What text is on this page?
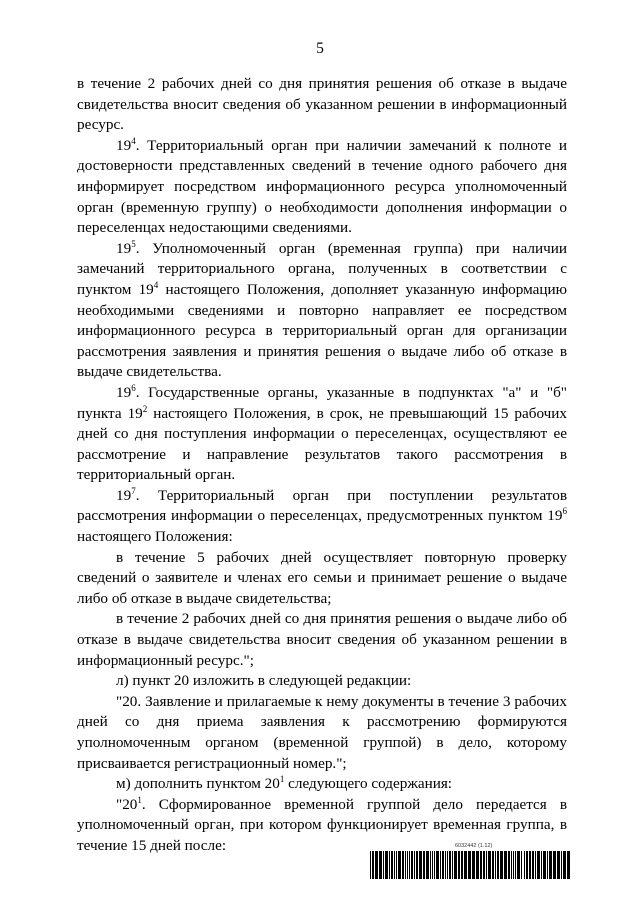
5

в течение 2 рабочих дней со дня принятия решения об отказе в выдаче свидетельства вносит сведения об указанном решении в информационный ресурс.

$19^4$. Территориальный орган при наличии замечаний к полноте и достоверности представленных сведений в течение одного рабочего дня информирует посредством информационного ресурса уполномоченный орган (временную группу) о необходимости дополнения информации о переселенцах недостающими сведениями.

$19^5$. Уполномоченный орган (временная группа) при наличии замечаний территориального органа, полученных в соответствии с пунктом $19^4$ настоящего Положения, дополняет указанную информацию необходимыми сведениями и повторно направляет ее посредством информационного ресурса в территориальный орган для организации рассмотрения заявления и принятия решения о выдаче либо об отказе в выдаче свидетельства.

$19^6$. Государственные органы, указанные в подпунктах "а" и "б" пункта $19^2$ настоящего Положения, в срок, не превышающий 15 рабочих дней со дня поступления информации о переселенцах, осуществляют ее рассмотрение и направление результатов такого рассмотрения в территориальный орган.

$19^7$. Территориальный орган при поступлении результатов рассмотрения информации о переселенцах, предусмотренных пунктом $19^6$ настоящего Положения:

в течение 5 рабочих дней осуществляет повторную проверку сведений о заявителе и членах его семьи и принимает решение о выдаче либо об отказе в выдаче свидетельства;

в течение 2 рабочих дней со дня принятия решения о выдаче либо об отказе в выдаче свидетельства вносит сведения об указанном решении в информационный ресурс.";

л) пункт 20 изложить в следующей редакции:

"20. Заявление и прилагаемые к нему документы в течение 3 рабочих дней со дня приема заявления к рассмотрению формируются уполномоченным органом (временной группой) в дело, которому присваивается регистрационный номер.";

м) дополнить пунктом $20^1$ следующего содержания:

"$20^1$. Сформированное временной группой дело передается в уполномоченный орган, при котором функционирует временная группа, в течение 15 дней после:	6032442 (1.12)
